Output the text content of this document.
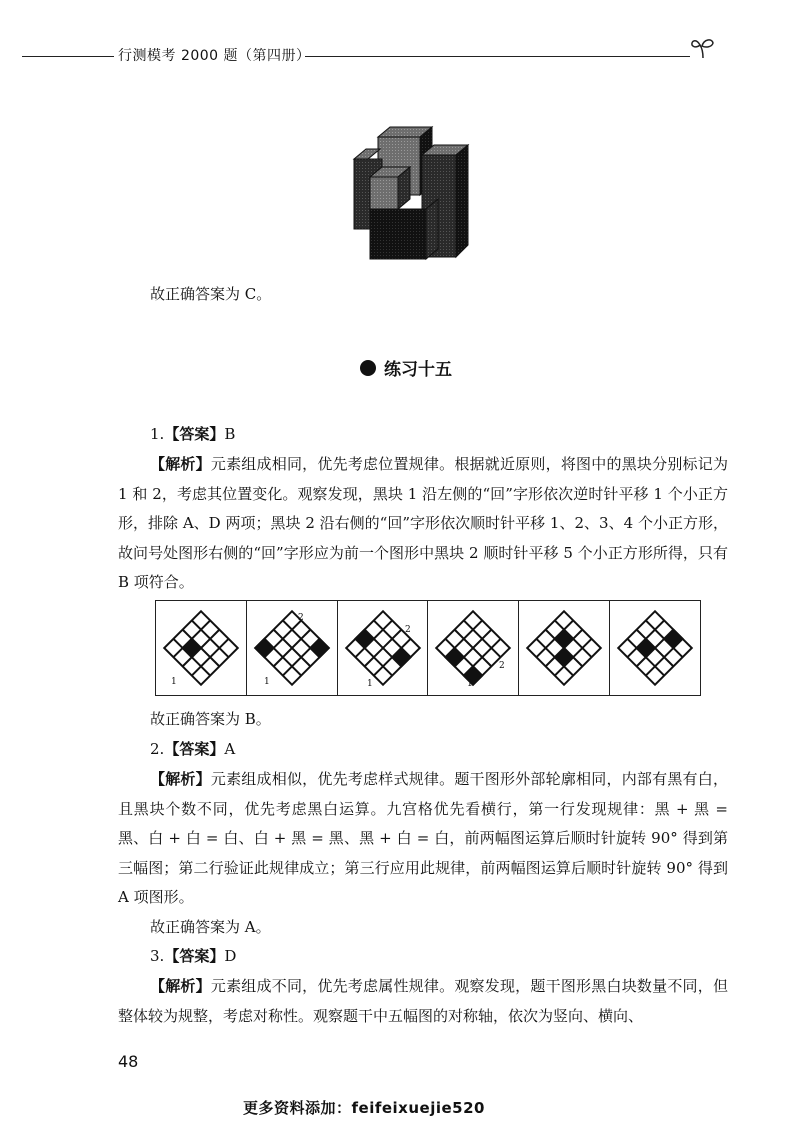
行测模考 2000 题（第四册）
故正确答案为 C。
练习十五
1.【答案】B
【解析】元素组成相同，优先考虑位置规律。根据就近原则，将图中的黑块分别标记为 1 和 2，考虑其位置变化。观察发现，黑块 1 沿左侧的“回”字形依次逆时针平移 1 个小正方形，排除 A、D 两项；黑块 2 沿右侧的“回”字形依次顺时针平移 1、2、3、4 个小正方形，故问号处图形右侧的“回”字形应为前一个图形中黑块 2 顺时针平移 5 个小正方形所得，只有 B 项符合。
1	1
2
1
2
1
2
故正确答案为 B。
2.【答案】A
【解析】元素组成相似，优先考虑样式规律。题干图形外部轮廓相同，内部有黑有白，且黑块个数不同，优先考虑黑白运算。九宫格优先看横行，第一行发现规律：黑 + 黑 = 黑、白 + 白 = 白、白 + 黑 = 黑、黑 + 白 = 白，前两幅图运算后顺时针旋转 90° 得到第三幅图；第二行验证此规律成立；第三行应用此规律，前两幅图运算后顺时针旋转 90° 得到 A 项图形。
故正确答案为 A。
3.【答案】D
【解析】元素组成不同，优先考虑属性规律。观察发现，题干图形黑白块数量不同，但整体较为规整，考虑对称性。观察题干中五幅图的对称轴，依次为竖向、横向、
48
更多资料添加：feifeixuejie520
